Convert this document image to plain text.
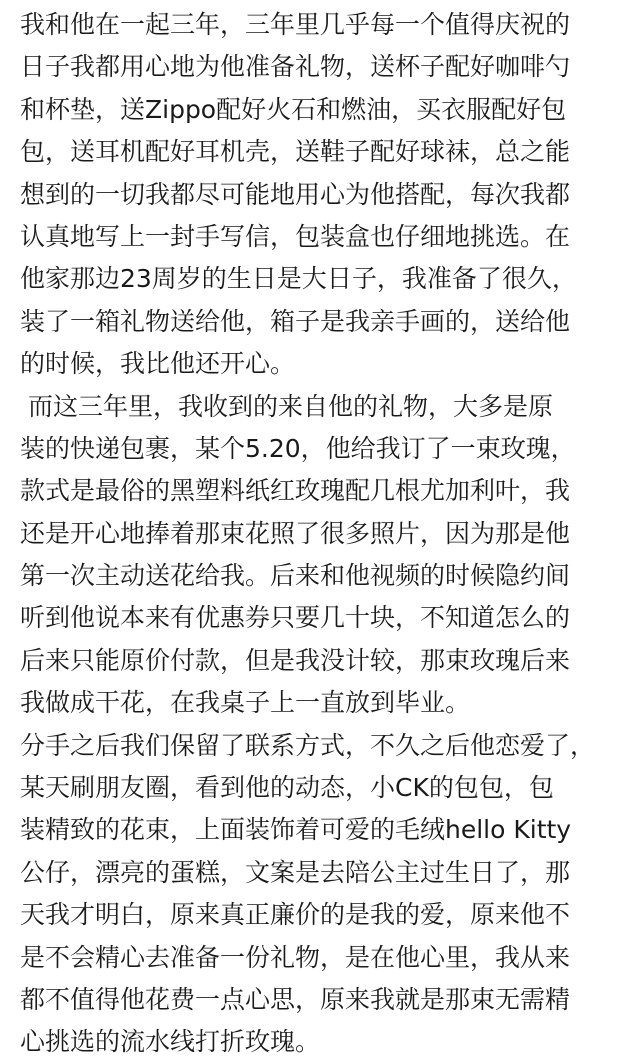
我和他在一起三年，三年里几乎每一个值得庆祝的
日子我都用心地为他准备礼物，送杯子配好咖啡勺
和杯垫，送Zippo配好火石和燃油，买衣服配好包
包，送耳机配好耳机壳，送鞋子配好球袜，总之能
想到的一切我都尽可能地用心为他搭配，每次我都
认真地写上一封手写信，包装盒也仔细地挑选。在
他家那边23周岁的生日是大日子，我准备了很久，
装了一箱礼物送给他，箱子是我亲手画的，送给他
的时候，我比他还开心。
而这三年里，我收到的来自他的礼物，大多是原
装的快递包裹，某个5.20，他给我订了一束玫瑰，
款式是最俗的黑塑料纸红玫瑰配几根尤加利叶，我
还是开心地捧着那束花照了很多照片，因为那是他
第一次主动送花给我。后来和他视频的时候隐约间
听到他说本来有优惠券只要几十块，不知道怎么的
后来只能原价付款，但是我没计较，那束玫瑰后来
我做成干花，在我桌子上一直放到毕业。
分手之后我们保留了联系方式，不久之后他恋爱了，
某天刷朋友圈，看到他的动态，小CK的包包，包
装精致的花束，上面装饰着可爱的毛绒hello Kitty
公仔，漂亮的蛋糕，文案是去陪公主过生日了，那
天我才明白，原来真正廉价的是我的爱，原来他不
是不会精心去准备一份礼物，是在他心里，我从来
都不值得他花费一点心思，原来我就是那束无需精
心挑选的流水线打折玫瑰。
